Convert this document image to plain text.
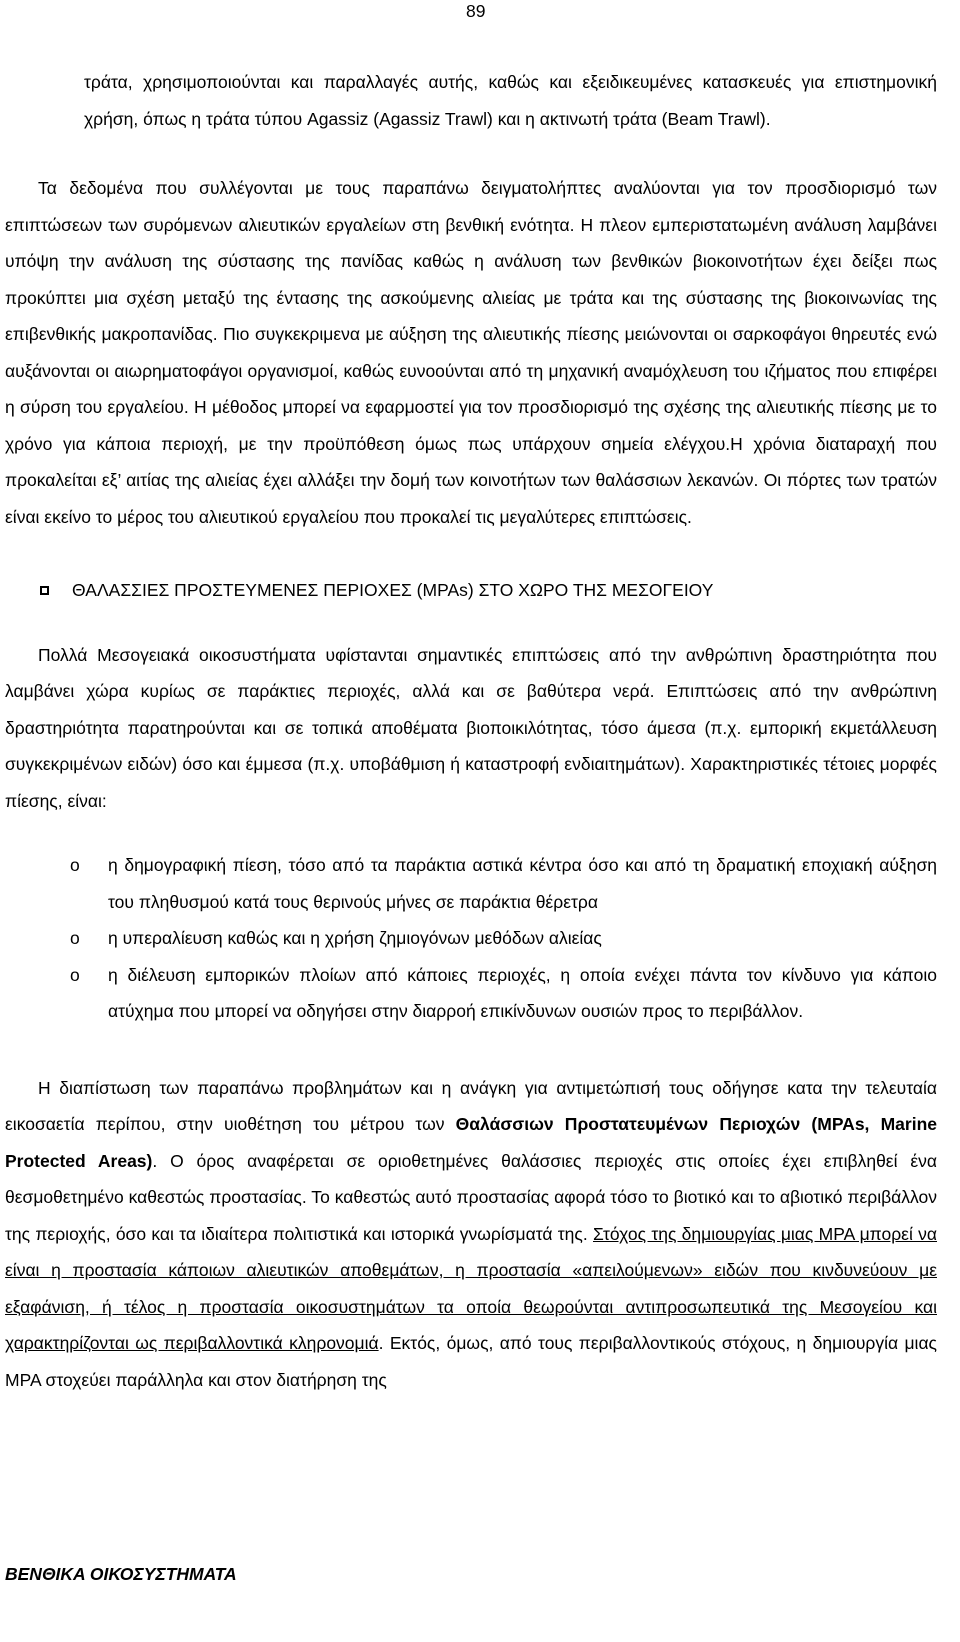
89

τράτα, χρησιμοποιούνται και παραλλαγές αυτής, καθώς και εξειδικευμένες κατασκευές για επιστημονική χρήση, όπως η τράτα τύπου Agassiz (Agassiz Trawl) και η ακτινωτή τράτα (Beam Trawl).

Τα δεδομένα που συλλέγονται με τους παραπάνω δειγματολήπτες αναλύονται για τον προσδιορισμό των επιπτώσεων των συρόμενων αλιευτικών εργαλείων στη βενθική ενότητα. Η πλεον εμπεριστατωμένη ανάλυση λαμβάνει υπόψη την ανάλυση της σύστασης της πανίδας καθώς η ανάλυση των βενθικών βιοκοινοτήτων έχει δείξει πως προκύπτει μια σχέση μεταξύ της έντασης της ασκούμενης αλιείας με τράτα και της σύστασης της βιοκοινωνίας της επιβενθικής μακροπανίδας. Πιο συγκεκριμενα με αύξηση της αλιευτικής πίεσης μειώνονται οι σαρκοφάγοι θηρευτές ενώ αυξάνονται οι αιωρηματοφάγοι οργανισμοί, καθώς ευνοούνται από τη μηχανική αναμόχλευση του ιζήματος που επιφέρει η σύρση του εργαλείου. Η μέθοδος μπορεί να εφαρμοστεί για τον προσδιορισμό της σχέσης της αλιευτικής πίεσης με το χρόνο για κάποια περιοχή, με την προϋπόθεση όμως πως υπάρχουν σημεία ελέγχου.Η χρόνια διαταραχή που προκαλείται εξ’ αιτίας της αλιείας έχει αλλάξει την δομή των κοινοτήτων των θαλάσσιων λεκανών. Οι πόρτες των τρατών είναι εκείνο το μέρος του αλιευτικού εργαλείου που προκαλεί τις μεγαλύτερες επιπτώσεις.

ΘΑΛΑΣΣΙΕΣ ΠΡΟΣΤΕΥΜΕΝΕΣ ΠΕΡΙΟΧΕΣ (MPAs) ΣΤΟ ΧΩΡΟ ΤΗΣ ΜΕΣΟΓΕΙΟΥ

Πολλά Μεσογειακά οικοσυστήματα υφίστανται σημαντικές επιπτώσεις από την ανθρώπινη δραστηριότητα που λαμβάνει χώρα κυρίως σε παράκτιες περιοχές, αλλά και σε βαθύτερα νερά. Επιπτώσεις από την ανθρώπινη δραστηριότητα παρατηρούνται και σε τοπικά αποθέματα βιοποικιλότητας, τόσο άμεσα (π.χ. εμπορική εκμετάλλευση συγκεκριμένων ειδών) όσο και έμμεσα (π.χ. υποβάθμιση ή καταστροφή ενδιαιτημάτων). Χαρακτηριστικές τέτοιες μορφές πίεσης, είναι:

o η δημογραφική πίεση, τόσο από τα παράκτια αστικά κέντρα όσο και από τη δραματική εποχιακή αύξηση του πληθυσμού κατά τους θερινούς μήνες σε παράκτια θέρετρα
o η υπεραλίευση καθώς και η χρήση ζημιογόνων μεθόδων αλιείας
o η διέλευση εμπορικών πλοίων από κάποιες περιοχές, η οποία ενέχει πάντα τον κίνδυνο για κάποιο ατύχημα που μπορεί να οδηγήσει στην διαρροή επικίνδυνων ουσιών προς το περιβάλλον.

Η διαπίστωση των παραπάνω προβλημάτων και η ανάγκη για αντιμετώπισή τους οδήγησε κατα την τελευταία εικοσαετία περίπου, στην υιοθέτηση του μέτρου των Θαλάσσιων Προστατευμένων Περιοχών (MPAs, Marine Protected Areas). Ο όρος αναφέρεται σε οριοθετημένες θαλάσσιες περιοχές στις οποίες έχει επιβληθεί ένα θεσμοθετημένο καθεστώς προστασίας. Το καθεστώς αυτό προστασίας αφορά τόσο το βιοτικό και το αβιοτικό περιβάλλον της περιοχής, όσο και τα ιδιαίτερα πολιτιστικά και ιστορικά γνωρίσματά της. Στόχος της δημιουργίας μιας MPA μπορεί να είναι η προστασία κάποιων αλιευτικών αποθεμάτων, η προστασία «απειλούμενων» ειδών που κινδυνεύουν με εξαφάνιση, ή τέλος η προστασία οικοσυστημάτων τα οποία θεωρούνται αντιπροσωπευτικά της Μεσογείου και χαρακτηρίζονται ως περιβαλλοντικά κληρονομιά. Εκτός, όμως, από τους περιβαλλοντικούς στόχους, η δημιουργία μιας MPA στοχεύει παράλληλα και στον διατήρηση της

ΒΕΝΘΙΚΑ ΟΙΚΟΣΥΣΤΗΜΑΤΑ
